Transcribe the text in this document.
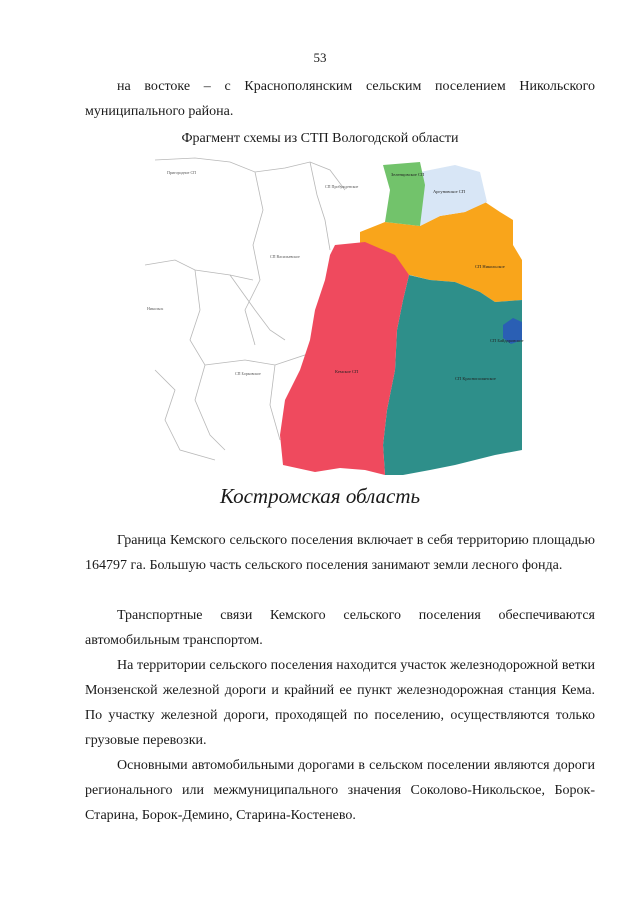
53

на востоке – с Краснополянским сельским поселением Никольского муниципального района.

Фрагмент схемы из СТП Вологодской области
Пригородное СП
СП Пробужденское
СП Васильевское
Никольск
СП Борковское
Зеленцовское СП
Аргуновское СП
СП Никольское
СП Байдаровское
СП Краснополянское
Кемское СП
Костромская область

Граница Кемского сельского поселения включает в себя территорию площадью 164797 га. Большую часть сельского поселения занимают земли лесного фонда.

Транспортные связи Кемского сельского поселения обеспечиваются автомобильным транспортом.

На территории сельского поселения находится участок железнодорожной ветки Монзенской железной дороги и крайний ее пункт железнодорожная станция Кема. По участку железной дороги, проходящей по поселению, осуществляются только грузовые перевозки.

Основными автомобильными дорогами в сельском поселении являются дороги регионального или межмуниципального значения Соколово-Никольское, Борок-Старина, Борок-Демино, Старина-Костенево.
